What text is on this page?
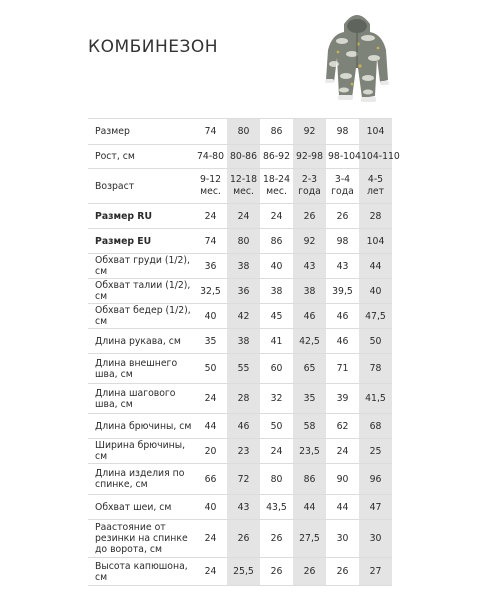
КОМБИНЕЗОН
Размер	74	80	86	92	98	104
Рост, см	74-80	80-86	86-92	92-98	98-104	104-110
Возраст	9-12 мес.	12-18 мес.	18-24 мес.	2-3 года	3-4 года	4-5 лет
Размер RU	24	24	24	26	26	28
Размер EU	74	80	86	92	98	104
Обхват груди (1/2), см	36	38	40	43	43	44
Обхват талии (1/2), см	32,5	36	38	38	39,5	40
Обхват бедер (1/2), см	40	42	45	46	46	47,5
Длина рукава, см	35	38	41	42,5	46	50
Длина внешнего шва, см	50	55	60	65	71	78
Длина шагового шва, см	24	28	32	35	39	41,5
Длина брючины, см	44	46	50	58	62	68
Ширина брючины, см	20	23	24	23,5	24	25
Длина изделия по спинке, см	66	72	80	86	90	96
Обхват шеи, см	40	43	43,5	44	44	47
Раастояние от резинки на спинке до ворота, см	24	26	26	27,5	30	30
Высота капюшона, см	24	25,5	26	26	26	27
